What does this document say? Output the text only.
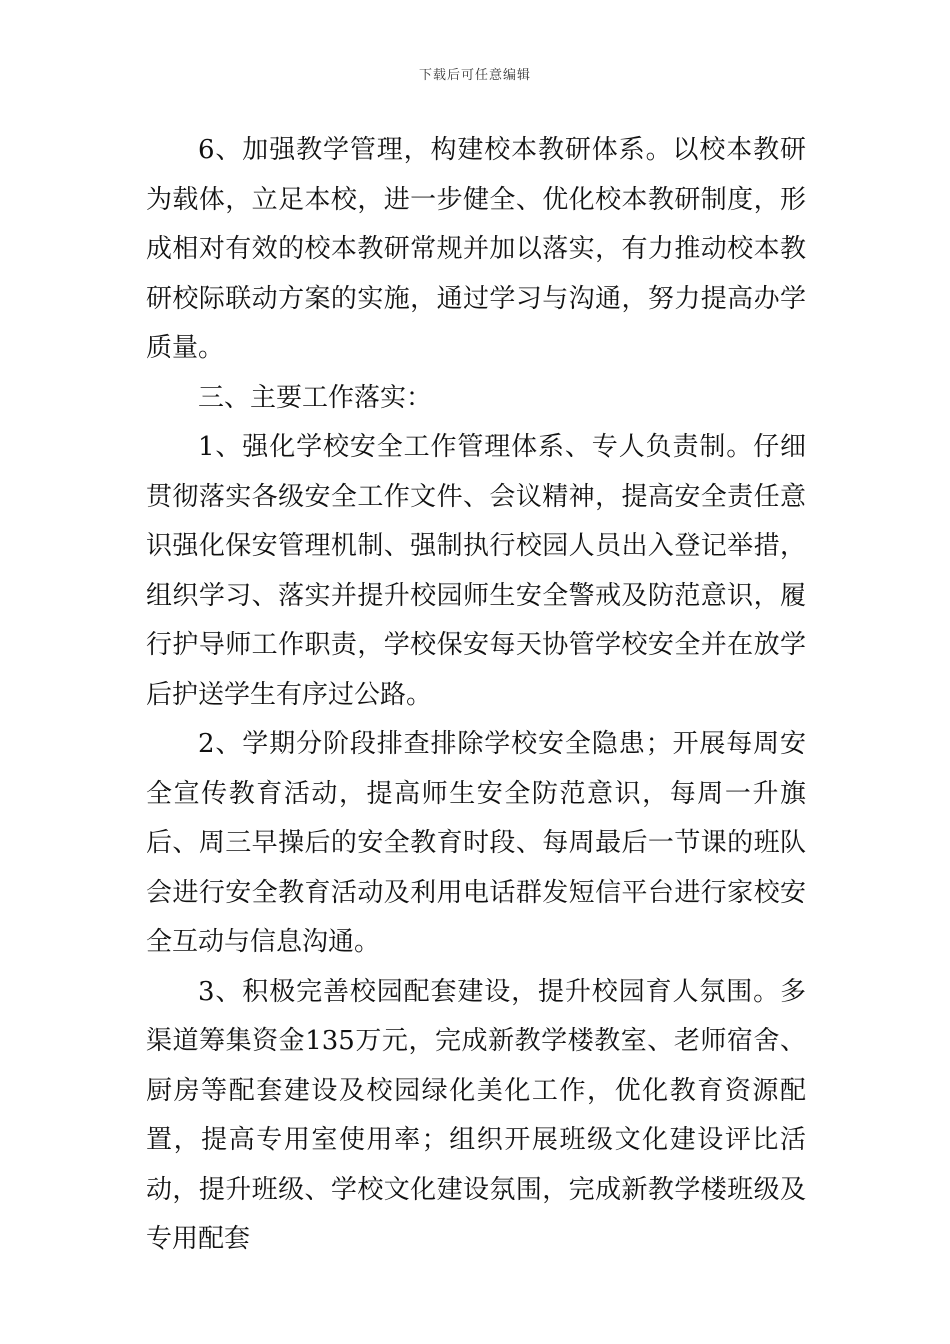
下载后可任意编辑

6、加强教学管理，构建校本教研体系。以校本教研为载体，立足本校，进一步健全、优化校本教研制度，形成相对有效的校本教研常规并加以落实，有力推动校本教研校际联动方案的实施，通过学习与沟通，努力提高办学质量。

三、主要工作落实：

1、强化学校安全工作管理体系、专人负责制。仔细贯彻落实各级安全工作文件、会议精神，提高安全责任意识强化保安管理机制、强制执行校园人员出入登记举措，组织学习、落实并提升校园师生安全警戒及防范意识，履行护导师工作职责，学校保安每天协管学校安全并在放学后护送学生有序过公路。

2、学期分阶段排查排除学校安全隐患；开展每周安全宣传教育活动，提高师生安全防范意识，每周一升旗后、周三早操后的安全教育时段、每周最后一节课的班队会进行安全教育活动及利用电话群发短信平台进行家校安全互动与信息沟通。

3、积极完善校园配套建设，提升校园育人氛围。多渠道筹集资金135万元，完成新教学楼教室、老师宿舍、厨房等配套建设及校园绿化美化工作，优化教育资源配置，提高专用室使用率；组织开展班级文化建设评比活动，提升班级、学校文化建设氛围，完成新教学楼班级及专用配套
